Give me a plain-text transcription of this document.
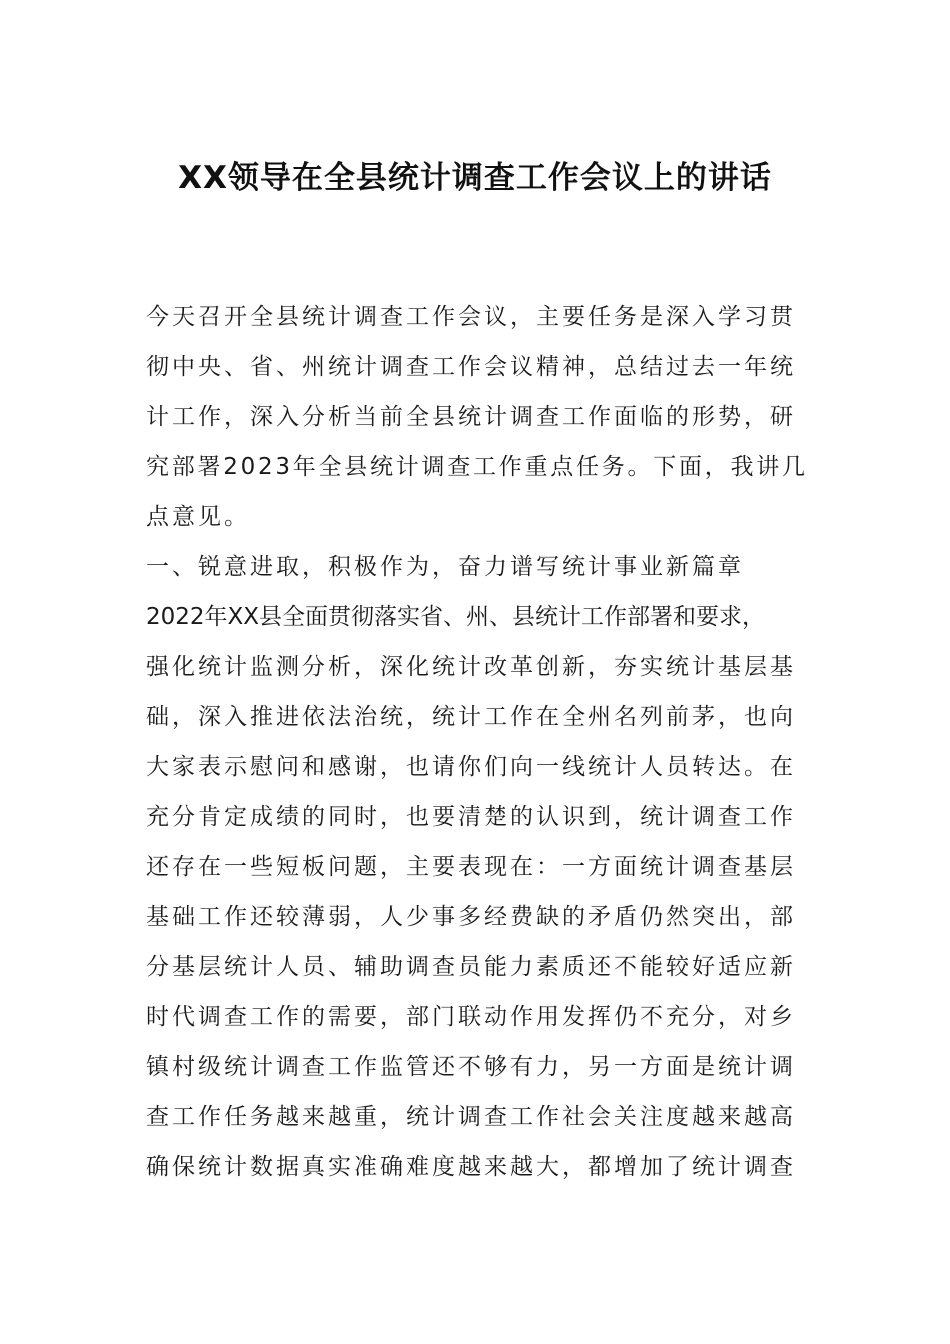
XX领导在全县统计调查工作会议上的讲话
今天召开全县统计调查工作会议，主要任务是深入学习贯
彻中央、省、州统计调查工作会议精神，总结过去一年统
计工作，深入分析当前全县统计调查工作面临的形势，研
究部署2023年全县统计调查工作重点任务。下面，我讲几
点意见。
一、锐意进取，积极作为，奋力谱写统计事业新篇章
2022年XX县全面贯彻落实省、州、县统计工作部署和要求，
强化统计监测分析，深化统计改革创新，夯实统计基层基
础，深入推进依法治统，统计工作在全州名列前茅，也向
大家表示慰问和感谢，也请你们向一线统计人员转达。在
充分肯定成绩的同时，也要清楚的认识到，统计调查工作
还存在一些短板问题，主要表现在：一方面统计调查基层
基础工作还较薄弱，人少事多经费缺的矛盾仍然突出，部
分基层统计人员、辅助调查员能力素质还不能较好适应新
时代调查工作的需要，部门联动作用发挥仍不充分，对乡
镇村级统计调查工作监管还不够有力，另一方面是统计调
查工作任务越来越重，统计调查工作社会关注度越来越高
确保统计数据真实准确难度越来越大，都增加了统计调查
